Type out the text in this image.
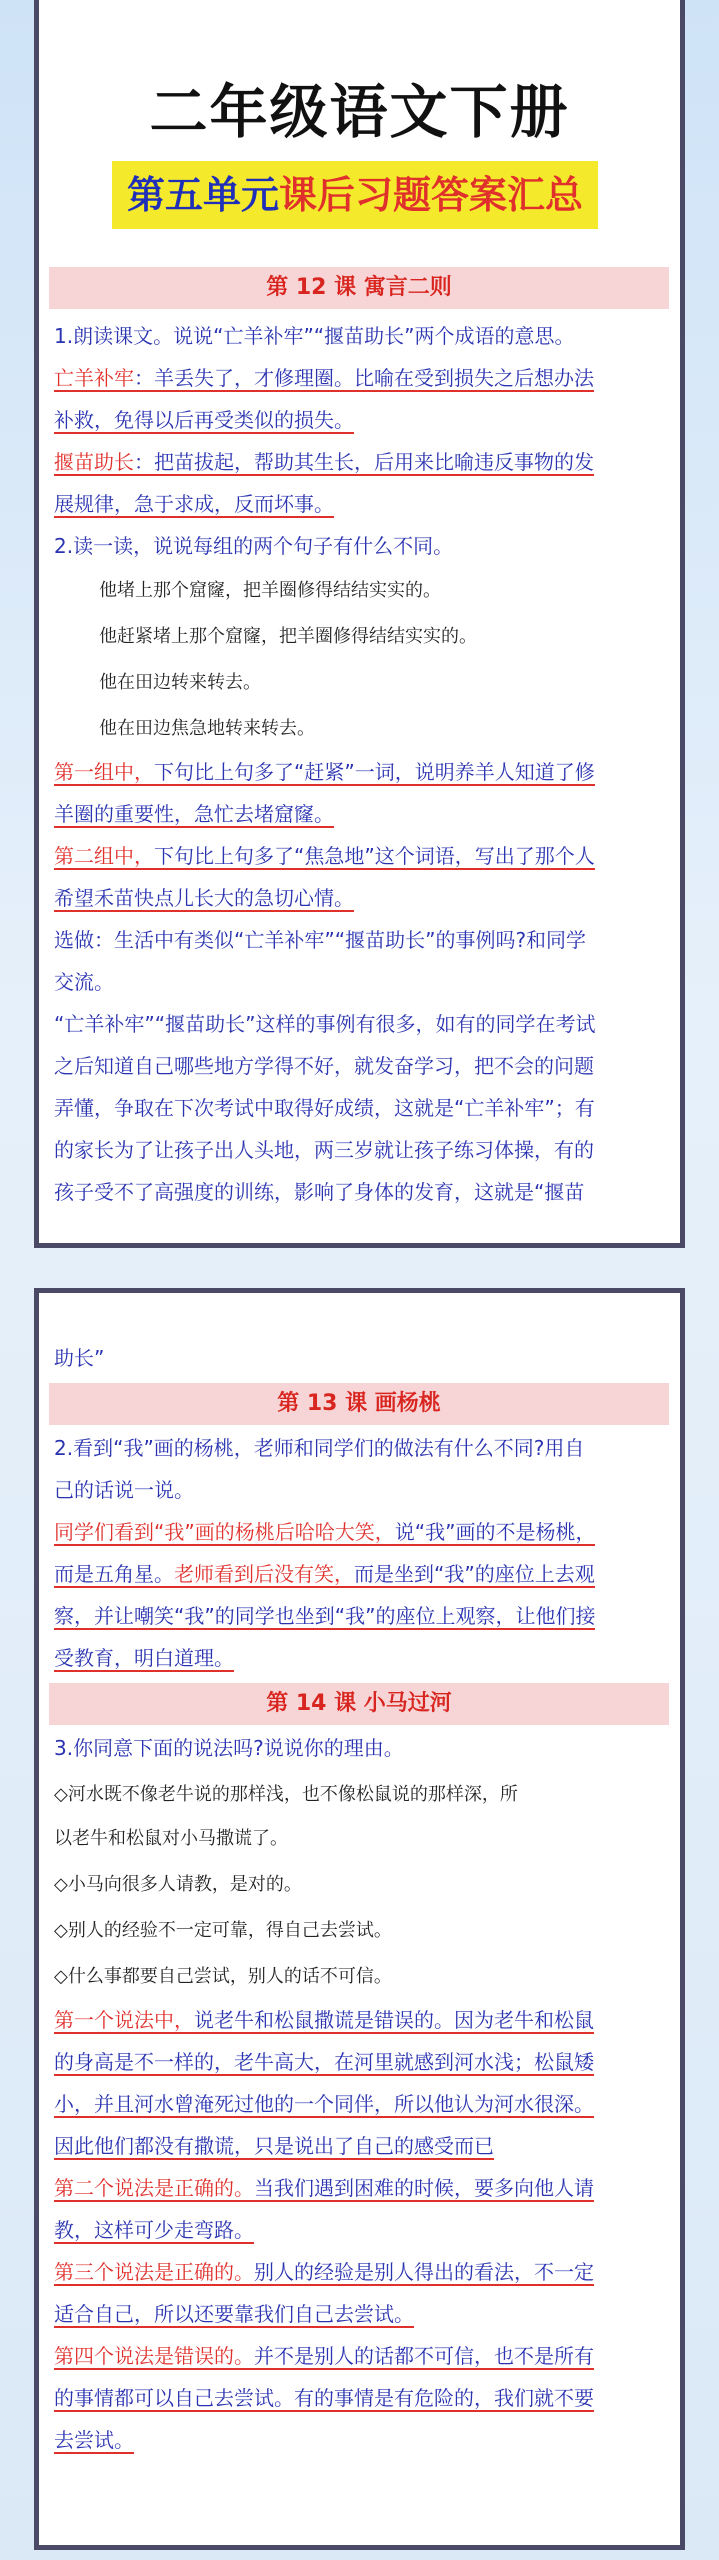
二年级语文下册
第五单元课后习题答案汇总
第 12 课 寓言二则
1.朗读课文。说说“亡羊补牢”“揠苗助长”两个成语的意思。
亡羊补牢：羊丢失了，才修理圈。比喻在受到损失之后想办法
补救，免得以后再受类似的损失。
揠苗助长：把苗拔起，帮助其生长，后用来比喻违反事物的发
展规律，急于求成，反而坏事。
2.读一读，说说每组的两个句子有什么不同。
他堵上那个窟窿，把羊圈修得结结实实的。
他赶紧堵上那个窟窿，把羊圈修得结结实实的。
他在田边转来转去。
他在田边焦急地转来转去。
第一组中，下句比上句多了“赶紧”一词，说明养羊人知道了修
羊圈的重要性，急忙去堵窟窿。
第二组中，下句比上句多了“焦急地”这个词语，写出了那个人
希望禾苗快点儿长大的急切心情。
选做：生活中有类似“亡羊补牢”“揠苗助长”的事例吗?和同学
交流。
“亡羊补牢”“揠苗助长”这样的事例有很多，如有的同学在考试
之后知道自己哪些地方学得不好，就发奋学习，把不会的问题
弄懂，争取在下次考试中取得好成绩，这就是“亡羊补牢”；有
的家长为了让孩子出人头地，两三岁就让孩子练习体操，有的
孩子受不了高强度的训练，影响了身体的发育，这就是“揠苗
助长”
第 13 课 画杨桃
2.看到“我”画的杨桃，老师和同学们的做法有什么不同?用自
己的话说一说。
同学们看到“我”画的杨桃后哈哈大笑，说“我”画的不是杨桃，
而是五角星。老师看到后没有笑，而是坐到“我”的座位上去观
察，并让嘲笑“我”的同学也坐到“我”的座位上观察，让他们接
受教育，明白道理。
第 14 课 小马过河
3.你同意下面的说法吗?说说你的理由。
◇河水既不像老牛说的那样浅，也不像松鼠说的那样深，所
以老牛和松鼠对小马撒谎了。
◇小马向很多人请教，是对的。
◇别人的经验不一定可靠，得自己去尝试。
◇什么事都要自己尝试，别人的话不可信。
第一个说法中，说老牛和松鼠撒谎是错误的。因为老牛和松鼠
的身高是不一样的，老牛高大，在河里就感到河水浅；松鼠矮
小，并且河水曾淹死过他的一个同伴，所以他认为河水很深。
因此他们都没有撒谎，只是说出了自己的感受而已
第二个说法是正确的。当我们遇到困难的时候，要多向他人请
教，这样可少走弯路。
第三个说法是正确的。别人的经验是别人得出的看法，不一定
适合自己，所以还要靠我们自己去尝试。
第四个说法是错误的。并不是别人的话都不可信，也不是所有
的事情都可以自己去尝试。有的事情是有危险的，我们就不要
去尝试。
